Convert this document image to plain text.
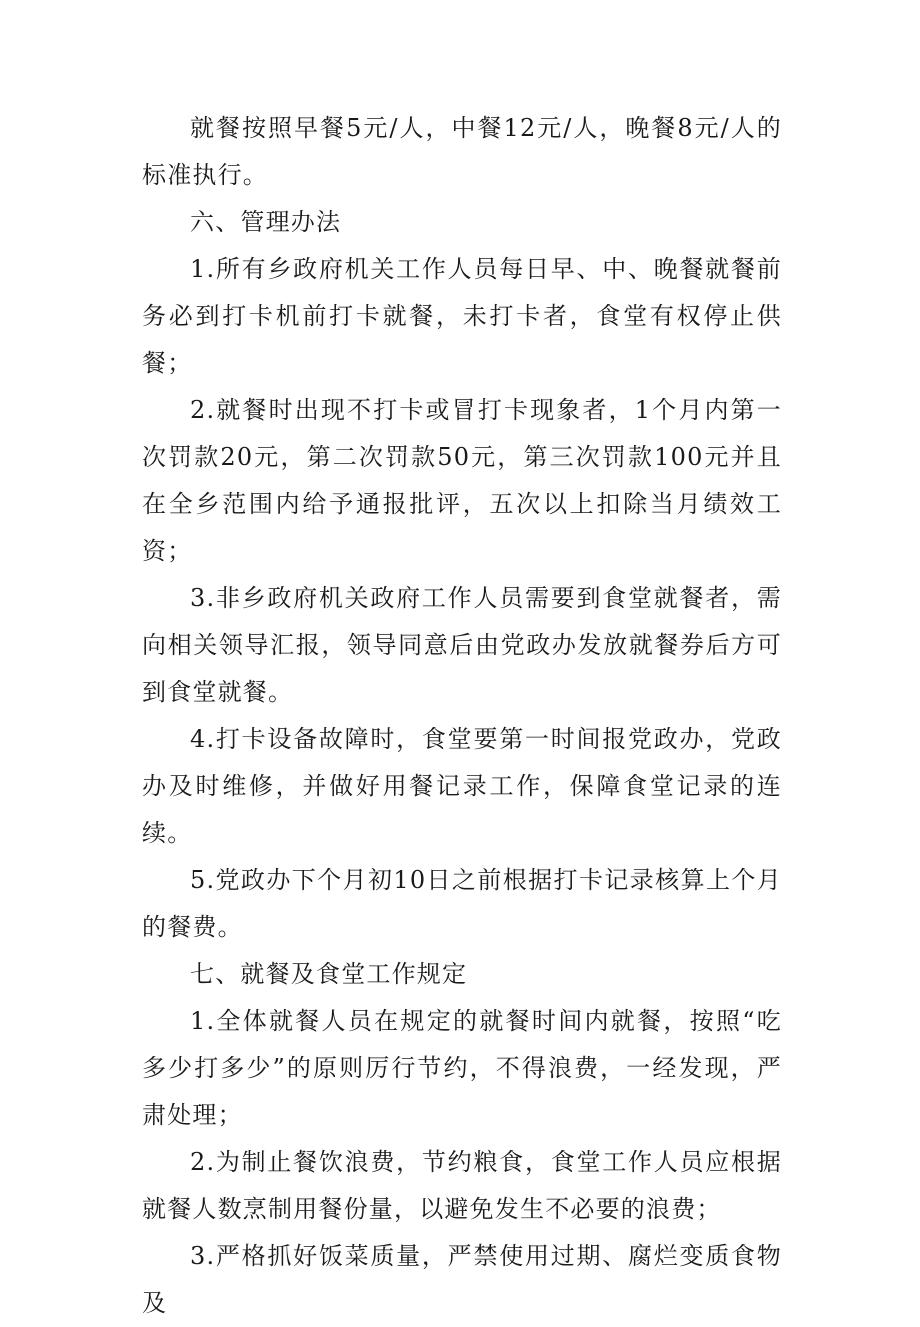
就餐按照早餐5元/人，中餐12元/人，晚餐8元/人的标准执行。

六、管理办法

1.所有乡政府机关工作人员每日早、中、晚餐就餐前务必到打卡机前打卡就餐，未打卡者，食堂有权停止供餐；

2.就餐时出现不打卡或冒打卡现象者，1个月内第一次罚款20元，第二次罚款50元，第三次罚款100元并且在全乡范围内给予通报批评，五次以上扣除当月绩效工资；

3.非乡政府机关政府工作人员需要到食堂就餐者，需向相关领导汇报，领导同意后由党政办发放就餐券后方可到食堂就餐。

4.打卡设备故障时，食堂要第一时间报党政办，党政办及时维修，并做好用餐记录工作，保障食堂记录的连续。

5.党政办下个月初10日之前根据打卡记录核算上个月的餐费。

七、就餐及食堂工作规定

1.全体就餐人员在规定的就餐时间内就餐，按照“吃多少打多少”的原则厉行节约，不得浪费，一经发现，严肃处理；

2.为制止餐饮浪费，节约粮食，食堂工作人员应根据就餐人数烹制用餐份量，以避免发生不必要的浪费；

3.严格抓好饭菜质量，严禁使用过期、腐烂变质食物及
